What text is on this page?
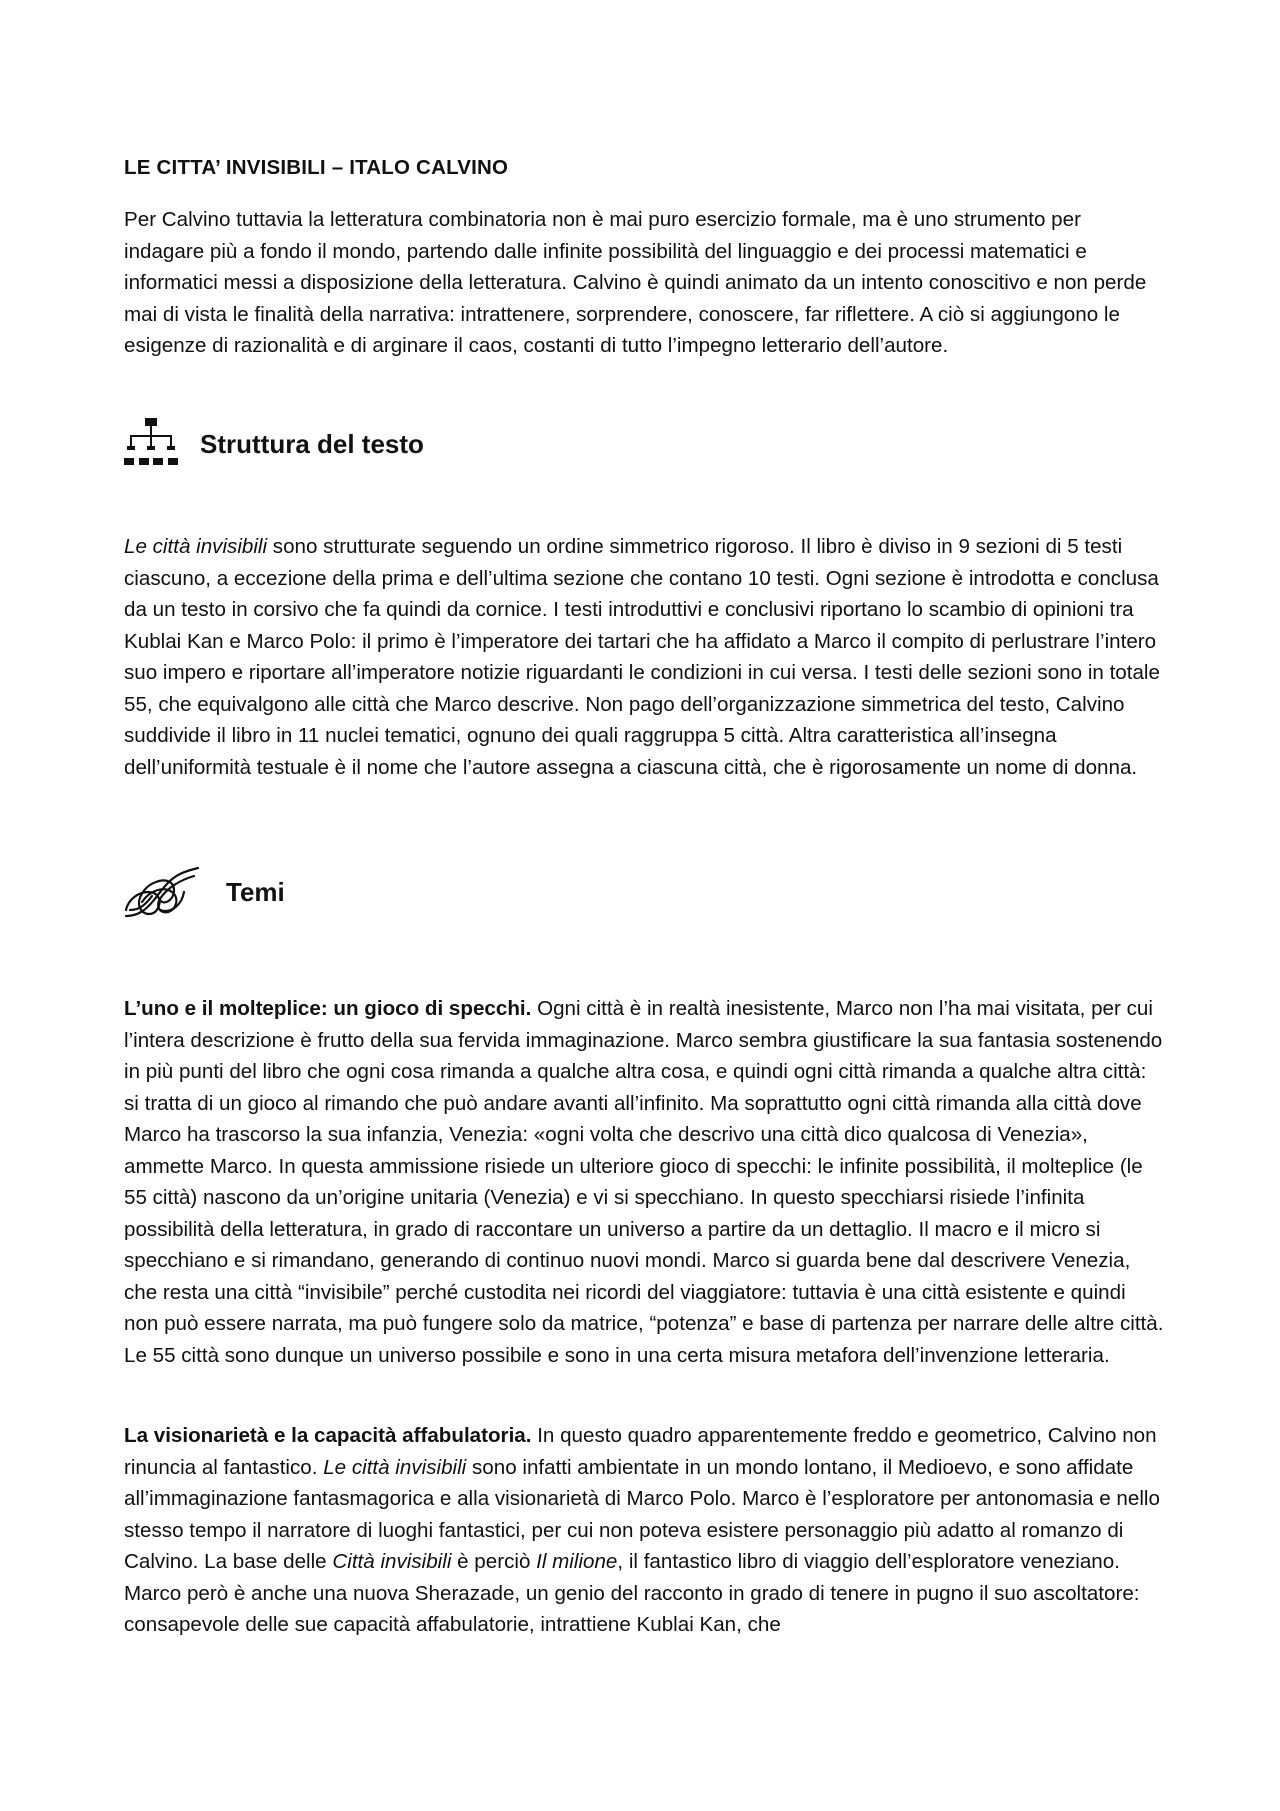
LE CITTA’ INVISIBILI – ITALO CALVINO

Per Calvino tuttavia la letteratura combinatoria non è mai puro esercizio formale, ma è uno strumento per indagare più a fondo il mondo, partendo dalle infinite possibilità del linguaggio e dei processi matematici e informatici messi a disposizione della letteratura. Calvino è quindi animato da un intento conoscitivo e non perde mai di vista le finalità della narrativa: intrattenere, sorprendere, conoscere, far riflettere. A ciò si aggiungono le esigenze di razionalità e di arginare il caos, costanti di tutto l’impegno letterario dell’autore.

Struttura del testo

Le città invisibili sono strutturate seguendo un ordine simmetrico rigoroso. Il libro è diviso in 9 sezioni di 5 testi ciascuno, a eccezione della prima e dell’ultima sezione che contano 10 testi. Ogni sezione è introdotta e conclusa da un testo in corsivo che fa quindi da cornice. I testi introduttivi e conclusivi riportano lo scambio di opinioni tra Kublai Kan e Marco Polo: il primo è l’imperatore dei tartari che ha affidato a Marco il compito di perlustrare l’intero suo impero e riportare all’imperatore notizie riguardanti le condizioni in cui versa. I testi delle sezioni sono in totale 55, che equivalgono alle città che Marco descrive. Non pago dell’organizzazione simmetrica del testo, Calvino suddivide il libro in 11 nuclei tematici, ognuno dei quali raggruppa 5 città. Altra caratteristica all’insegna dell’uniformità testuale è il nome che l’autore assegna a ciascuna città, che è rigorosamente un nome di donna.

Temi

L’uno e il molteplice: un gioco di specchi. Ogni città è in realtà inesistente, Marco non l’ha mai visitata, per cui l’intera descrizione è frutto della sua fervida immaginazione. Marco sembra giustificare la sua fantasia sostenendo in più punti del libro che ogni cosa rimanda a qualche altra cosa, e quindi ogni città rimanda a qualche altra città: si tratta di un gioco al rimando che può andare avanti all’infinito. Ma soprattutto ogni città rimanda alla città dove Marco ha trascorso la sua infanzia, Venezia: «ogni volta che descrivo una città dico qualcosa di Venezia», ammette Marco. In questa ammissione risiede un ulteriore gioco di specchi: le infinite possibilità, il molteplice (le 55 città) nascono da un’origine unitaria (Venezia) e vi si specchiano. In questo specchiarsi risiede l’infinita possibilità della letteratura, in grado di raccontare un universo a partire da un dettaglio. Il macro e il micro si specchiano e si rimandano, generando di continuo nuovi mondi. Marco si guarda bene dal descrivere Venezia, che resta una città “invisibile” perché custodita nei ricordi del viaggiatore: tuttavia è una città esistente e quindi non può essere narrata, ma può fungere solo da matrice, “potenza” e base di partenza per narrare delle altre città. Le 55 città sono dunque un universo possibile e sono in una certa misura metafora dell’invenzione letteraria.

La visionarietà e la capacità affabulatoria. In questo quadro apparentemente freddo e geometrico, Calvino non rinuncia al fantastico. Le città invisibili sono infatti ambientate in un mondo lontano, il Medioevo, e sono affidate all’immaginazione fantasmagorica e alla visionarietà di Marco Polo. Marco è l’esploratore per antonomasia e nello stesso tempo il narratore di luoghi fantastici, per cui non poteva esistere personaggio più adatto al romanzo di Calvino. La base delle Città invisibili è perciò Il milione, il fantastico libro di viaggio dell’esploratore veneziano. Marco però è anche una nuova Sherazade, un genio del racconto in grado di tenere in pugno il suo ascoltatore: consapevole delle sue capacità affabulatorie, intrattiene Kublai Kan, che
